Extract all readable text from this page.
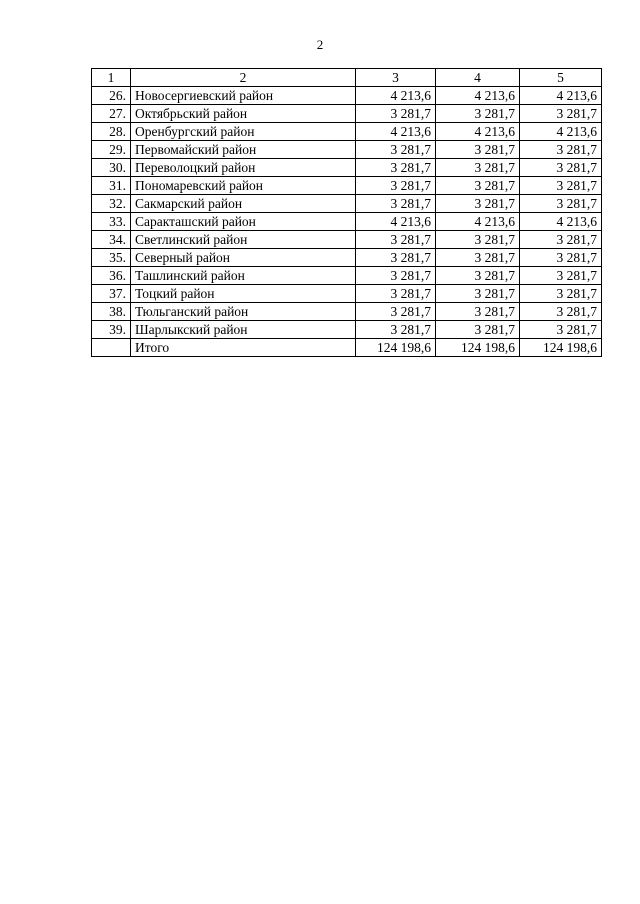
2
1	2	3	4	5
26.	Новосергиевский район	4 213,6	4 213,6	4 213,6
27.	Октябрьский район	3 281,7	3 281,7	3 281,7
28.	Оренбургский район	4 213,6	4 213,6	4 213,6
29.	Первомайский район	3 281,7	3 281,7	3 281,7
30.	Переволоцкий район	3 281,7	3 281,7	3 281,7
31.	Пономаревский район	3 281,7	3 281,7	3 281,7
32.	Сакмарский район	3 281,7	3 281,7	3 281,7
33.	Саракташский район	4 213,6	4 213,6	4 213,6
34.	Светлинский район	3 281,7	3 281,7	3 281,7
35.	Северный район	3 281,7	3 281,7	3 281,7
36.	Ташлинский район	3 281,7	3 281,7	3 281,7
37.	Тоцкий район	3 281,7	3 281,7	3 281,7
38.	Тюльганский район	3 281,7	3 281,7	3 281,7
39.	Шарлыкский район	3 281,7	3 281,7	3 281,7
	Итого	124 198,6	124 198,6	124 198,6
